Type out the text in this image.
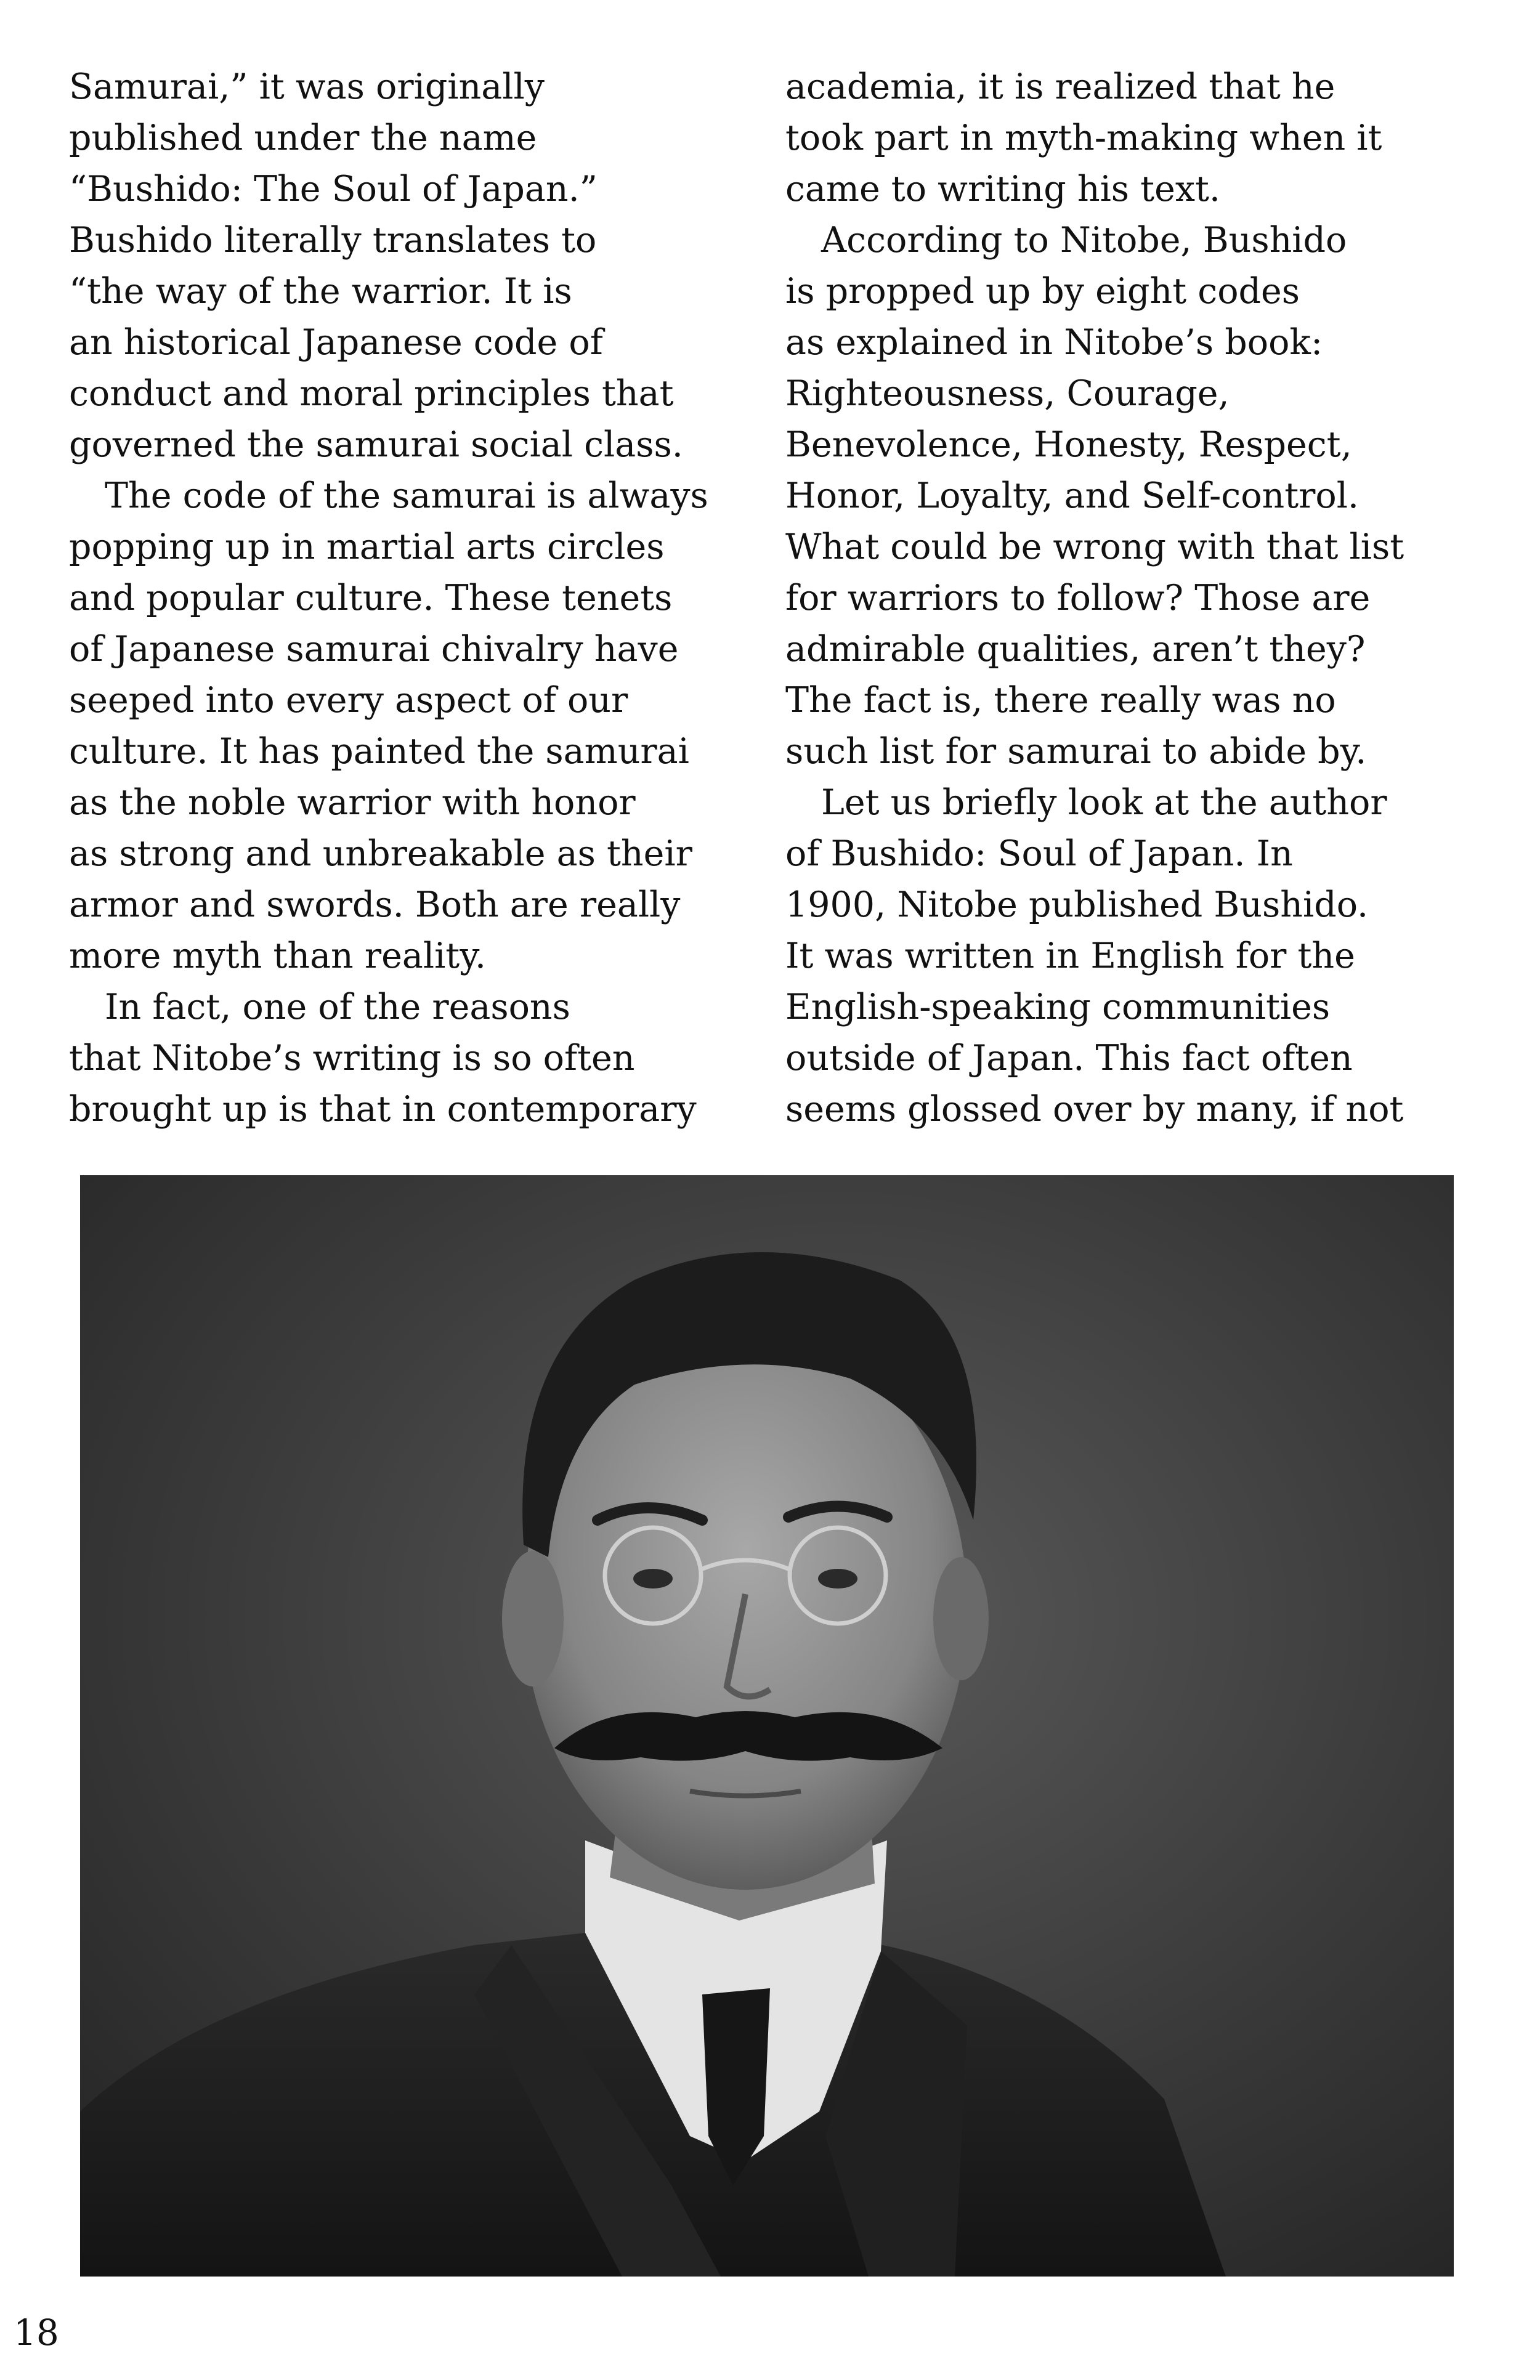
Samurai,” it was originally
published under the name
“Bushido: The Soul of Japan.”
Bushido literally translates to
“the way of the warrior. It is
an historical Japanese code of
conduct and moral principles that
governed the samurai social class.
The code of the samurai is always
popping up in martial arts circles
and popular culture. These tenets
of Japanese samurai chivalry have
seeped into every aspect of our
culture. It has painted the samurai
as the noble warrior with honor
as strong and unbreakable as their
armor and swords. Both are really
more myth than reality.
In fact, one of the reasons
that Nitobe’s writing is so often
brought up is that in contemporary
academia, it is realized that he
took part in myth-making when it
came to writing his text.
According to Nitobe, Bushido
is propped up by eight codes
as explained in Nitobe’s book:
Righteousness, Courage,
Benevolence, Honesty, Respect,
Honor, Loyalty, and Self-control.
What could be wrong with that list
for warriors to follow? Those are
admirable qualities, aren’t they?
The fact is, there really was no
such list for samurai to abide by.
Let us briefly look at the author
of Bushido: Soul of Japan. In
1900, Nitobe published Bushido.
It was written in English for the
English-speaking communities
outside of Japan. This fact often
seems glossed over by many, if not
18
